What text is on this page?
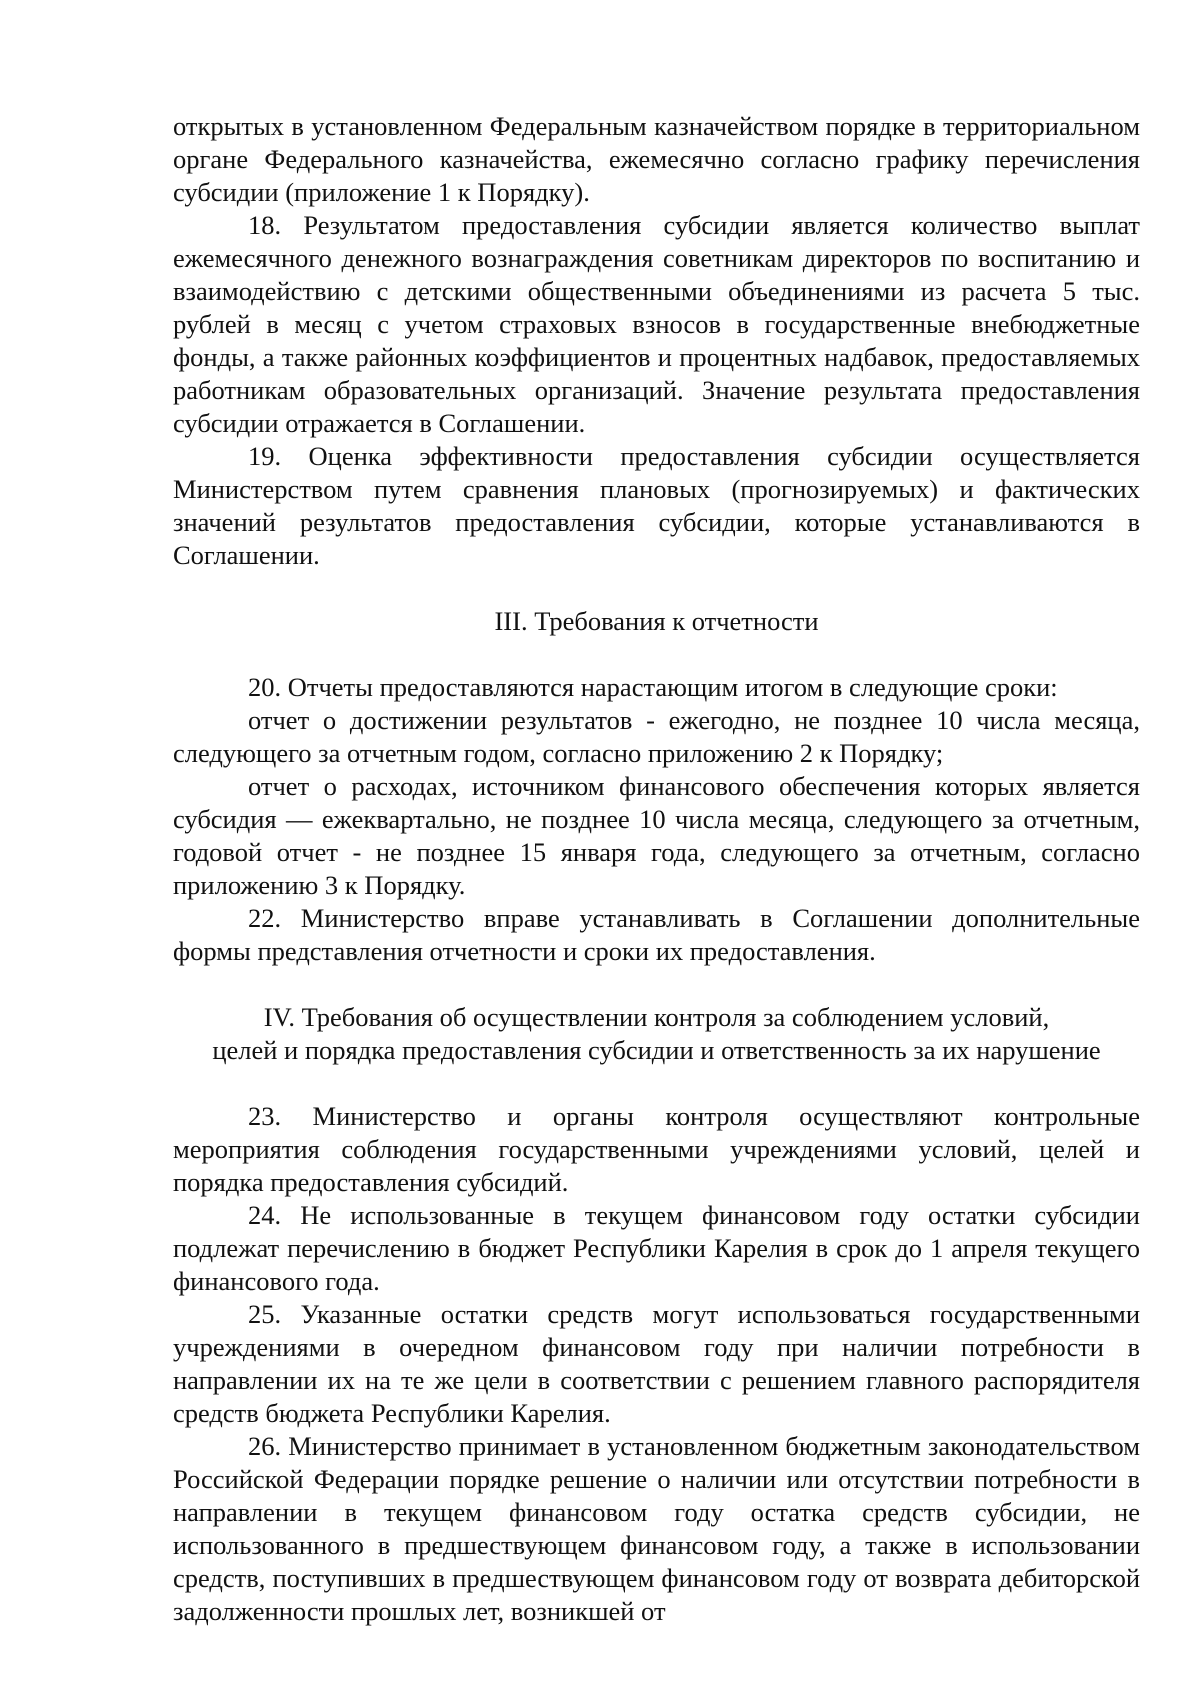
открытых в установленном Федеральным казначейством порядке в территориальном органе Федерального казначейства, ежемесячно согласно графику перечисления субсидии (приложение 1 к Порядку).

18. Результатом предоставления субсидии является количество выплат ежемесячного денежного вознаграждения советникам директоров по воспитанию и взаимодействию с детскими общественными объединениями из расчета 5 тыс. рублей в месяц с учетом страховых взносов в государственные внебюджетные фонды, а также районных коэффициентов и процентных надбавок, предоставляемых работникам образовательных организаций. Значение результата предоставления субсидии отражается в Соглашении.

19. Оценка эффективности предоставления субсидии осуществляется Министерством путем сравнения плановых (прогнозируемых) и фактических значений результатов предоставления субсидии, которые устанавливаются в Соглашении.

III. Требования к отчетности

20. Отчеты предоставляются нарастающим итогом в следующие сроки:

отчет о достижении результатов - ежегодно, не позднее 10 числа месяца, следующего за отчетным годом, согласно приложению 2 к Порядку;

отчет о расходах, источником финансового обеспечения которых является субсидия — ежеквартально, не позднее 10 числа месяца, следующего за отчетным, годовой отчет - не позднее 15 января года, следующего за отчетным, согласно приложению 3 к Порядку.

22. Министерство вправе устанавливать в Соглашении дополнительные формы представления отчетности и сроки их предоставления.

IV. Требования об осуществлении контроля за соблюдением условий,
целей и порядка предоставления субсидии и ответственность за их нарушение

23. Министерство и органы контроля осуществляют контрольные мероприятия соблюдения государственными учреждениями условий, целей и порядка предоставления субсидий.

24. Не использованные в текущем финансовом году остатки субсидии подлежат перечислению в бюджет Республики Карелия в срок до 1 апреля текущего финансового года.

25. Указанные остатки средств могут использоваться государственными учреждениями в очередном финансовом году при наличии потребности в направлении их на те же цели в соответствии с решением главного распорядителя средств бюджета Республики Карелия.

26. Министерство принимает в установленном бюджетным законодательством Российской Федерации порядке решение о наличии или отсутствии потребности в направлении в текущем финансовом году остатка средств субсидии, не использованного в предшествующем финансовом году, а также в использовании средств, поступивших в предшествующем финансовом году от возврата дебиторской задолженности прошлых лет, возникшей от
